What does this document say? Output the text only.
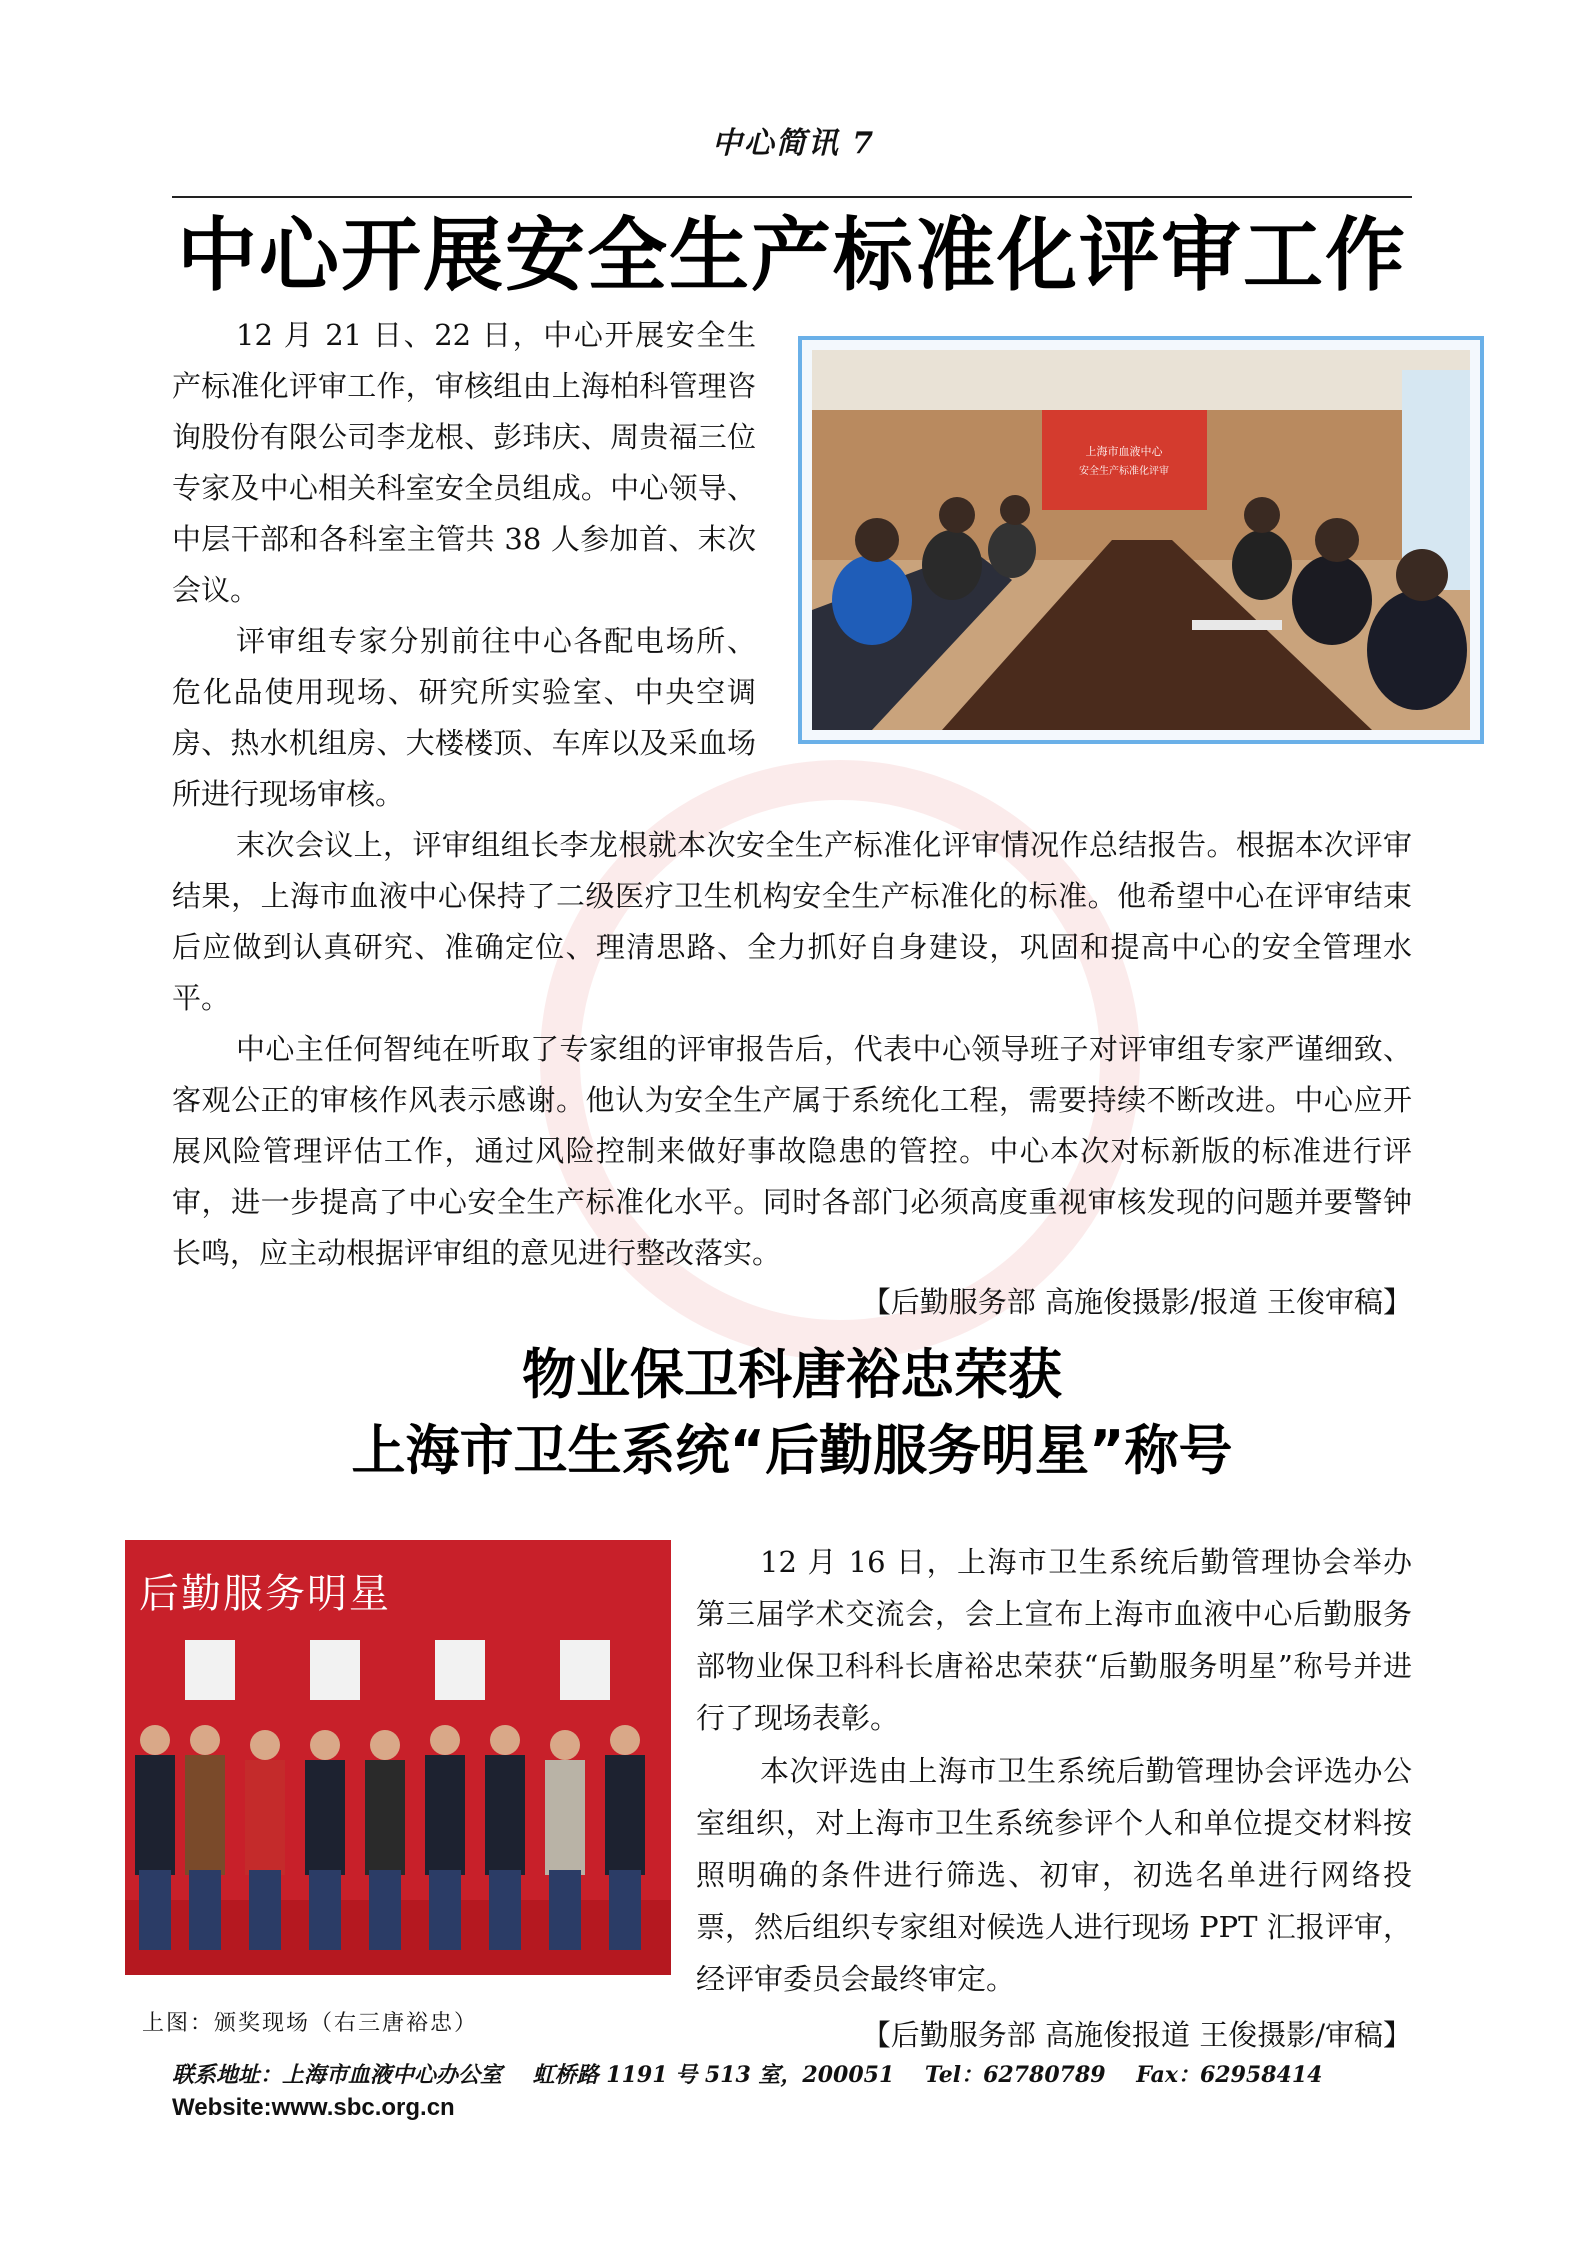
中心简讯 7
中心开展安全生产标准化评审工作

12 月 21 日、22 日，中心开展安全生产标准化评审工作，审核组由上海柏科管理咨询股份有限公司李龙根、彭玮庆、周贵福三位专家及中心相关科室安全员组成。中心领导、中层干部和各科室主管共 38 人参加首、末次会议。

评审组专家分别前往中心各配电场所、危化品使用现场、研究所实验室、中央空调房、热水机组房、大楼楼顶、车库以及采血场所进行现场审核。

上海市血液中心
安全生产标准化评审

末次会议上，评审组组长李龙根就本次安全生产标准化评审情况作总结报告。根据本次评审结果，上海市血液中心保持了二级医疗卫生机构安全生产标准化的标准。他希望中心在评审结束后应做到认真研究、准确定位、理清思路、全力抓好自身建设，巩固和提高中心的安全管理水平。

中心主任何智纯在听取了专家组的评审报告后，代表中心领导班子对评审组专家严谨细致、客观公正的审核作风表示感谢。他认为安全生产属于系统化工程，需要持续不断改进。中心应开展风险管理评估工作，通过风险控制来做好事故隐患的管控。中心本次对标新版的标准进行评审，进一步提高了中心安全生产标准化水平。同时各部门必须高度重视审核发现的问题并要警钟长鸣，应主动根据评审组的意见进行整改落实。

【后勤服务部 高施俊摄影/报道 王俊审稿】
物业保卫科唐裕忠荣获
上海市卫生系统“后勤服务明星”称号
后勤服务明星
上图：颁奖现场（右三唐裕忠）

12 月 16 日，上海市卫生系统后勤管理协会举办第三届学术交流会，会上宣布上海市血液中心后勤服务部物业保卫科科长唐裕忠荣获“后勤服务明星”称号并进行了现场表彰。

本次评选由上海市卫生系统后勤管理协会评选办公室组织，对上海市卫生系统参评个人和单位提交材料按照明确的条件进行筛选、初审，初选名单进行网络投票，然后组织专家组对候选人进行现场 PPT 汇报评审，经评审委员会最终审定。

【后勤服务部 高施俊报道 王俊摄影/审稿】
联系地址：上海市血液中心办公室    虹桥路 1191 号 513 室，200051    Tel：62780789    Fax：62958414
Website:www.sbc.org.cn
